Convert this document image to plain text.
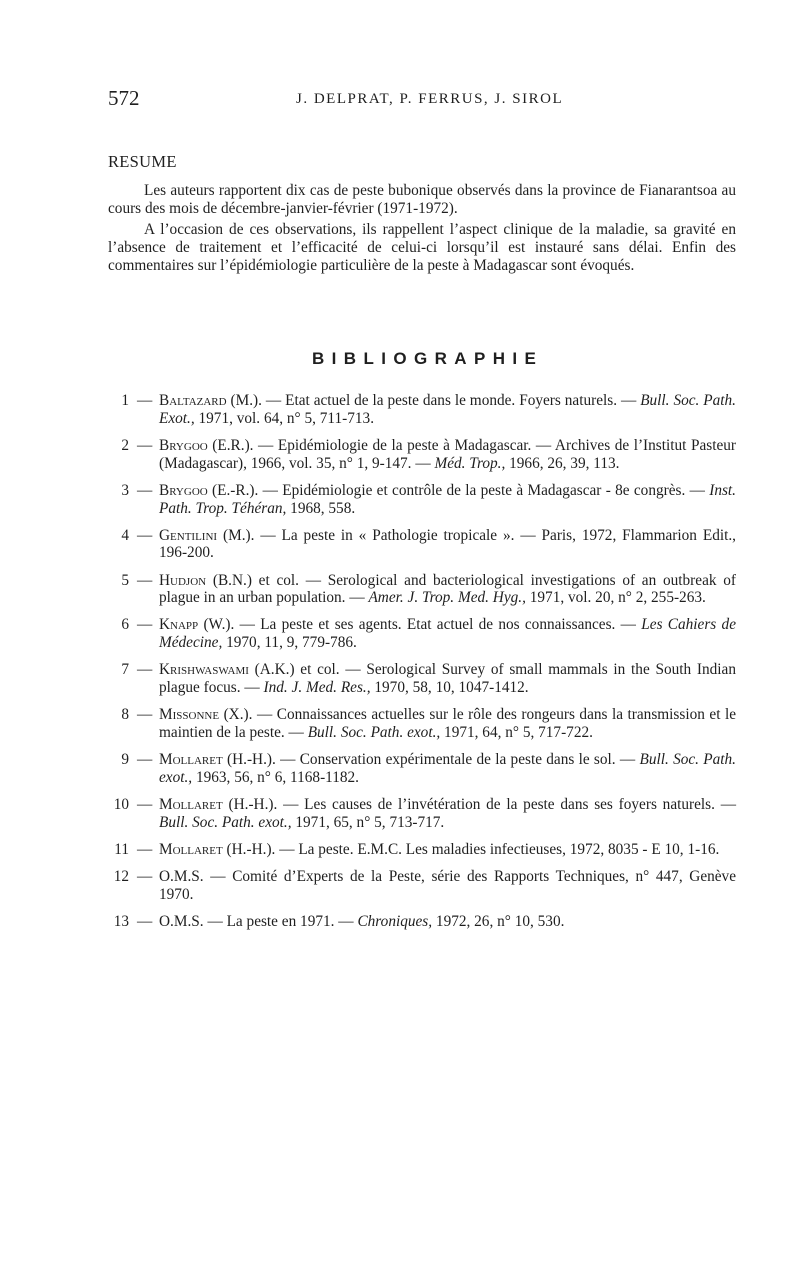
572	J. DELPRAT, P. FERRUS, J. SIROL
RESUME

Les auteurs rapportent dix cas de peste bubonique observés dans la province de Fianarantsoa au cours des mois de décembre-janvier-février (1971-1972).

A l’occasion de ces observations, ils rappellent l’aspect clinique de la maladie, sa gravité en l’absence de traitement et l’efficacité de celui-ci lorsqu’il est instauré sans délai. Enfin des commentaires sur l’épidémiologie particulière de la peste à Madagascar sont évoqués.

BIBLIOGRAPHIE
1 — Baltazard (M.). — Etat actuel de la peste dans le monde. Foyers naturels. — Bull. Soc. Path. Exot., 1971, vol. 64, n° 5, 711-713.
2 — Brygoo (E.R.). — Epidémiologie de la peste à Madagascar. — Archives de l’Institut Pasteur (Madagascar), 1966, vol. 35, n° 1, 9-147. — Méd. Trop., 1966, 26, 39, 113.
3 — Brygoo (E.-R.). — Epidémiologie et contrôle de la peste à Madagascar - 8e congrès. — Inst. Path. Trop. Téhéran, 1968, 558.
4 — Gentilini (M.). — La peste in « Pathologie tropicale ». — Paris, 1972, Flammarion Edit., 196-200.
5 — Hudjon (B.N.) et col. — Serological and bacteriological investigations of an outbreak of plague in an urban population. — Amer. J. Trop. Med. Hyg., 1971, vol. 20, n° 2, 255-263.
6 — Knapp (W.). — La peste et ses agents. Etat actuel de nos connaissances. — Les Cahiers de Médecine, 1970, 11, 9, 779-786.
7 — Krishwaswami (A.K.) et col. — Serological Survey of small mammals in the South Indian plague focus. — Ind. J. Med. Res., 1970, 58, 10, 1047-1412.
8 — Missonne (X.). — Connaissances actuelles sur le rôle des rongeurs dans la transmission et le maintien de la peste. — Bull. Soc. Path. exot., 1971, 64, n° 5, 717-722.
9 — Mollaret (H.-H.). — Conservation expérimentale de la peste dans le sol. — Bull. Soc. Path. exot., 1963, 56, n° 6, 1168-1182.
10 — Mollaret (H.-H.). — Les causes de l’invétération de la peste dans ses foyers naturels. — Bull. Soc. Path. exot., 1971, 65, n° 5, 713-717.
11 — Mollaret (H.-H.). — La peste. E.M.C. Les maladies infectieuses, 1972, 8035 - E 10, 1-16.
12 — O.M.S. — Comité d’Experts de la Peste, série des Rapports Techniques, n° 447, Genève 1970.
13 — O.M.S. — La peste en 1971. — Chroniques, 1972, 26, n° 10, 530.
